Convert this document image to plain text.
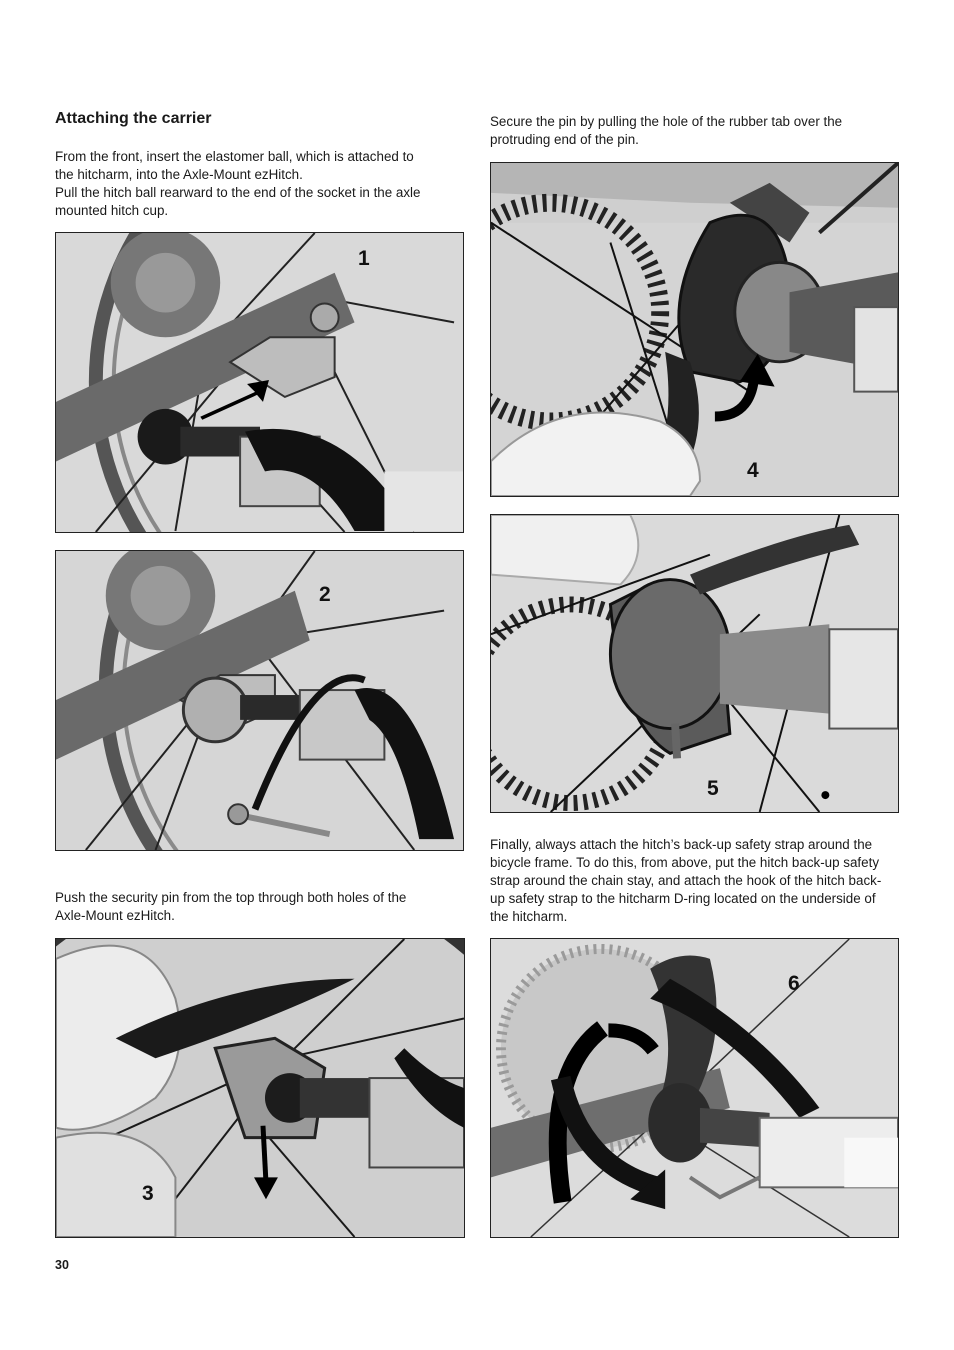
Attaching the carrier

From the front, insert the elastomer ball, which is attached to
the hitcharm, into the Axle-Mount ezHitch.
Pull the hitch ball rearward to the end of the socket in the axle
mounted hitch cup.

Secure the pin by pulling the hole of the rubber tab over the
protruding end of the pin.

Push the security pin from the top through both holes of the
Axle-Mount ezHitch.

Finally, always attach the hitch’s back-up safety strap around the
bicycle frame. To do this, from above, put the hitch back-up safety
strap around the chain stay, and attach the hook of the hitch back-
up safety strap to the hitcharm D-ring located on the underside of
the hitcharm.

1
2
3
4
5
6
30
